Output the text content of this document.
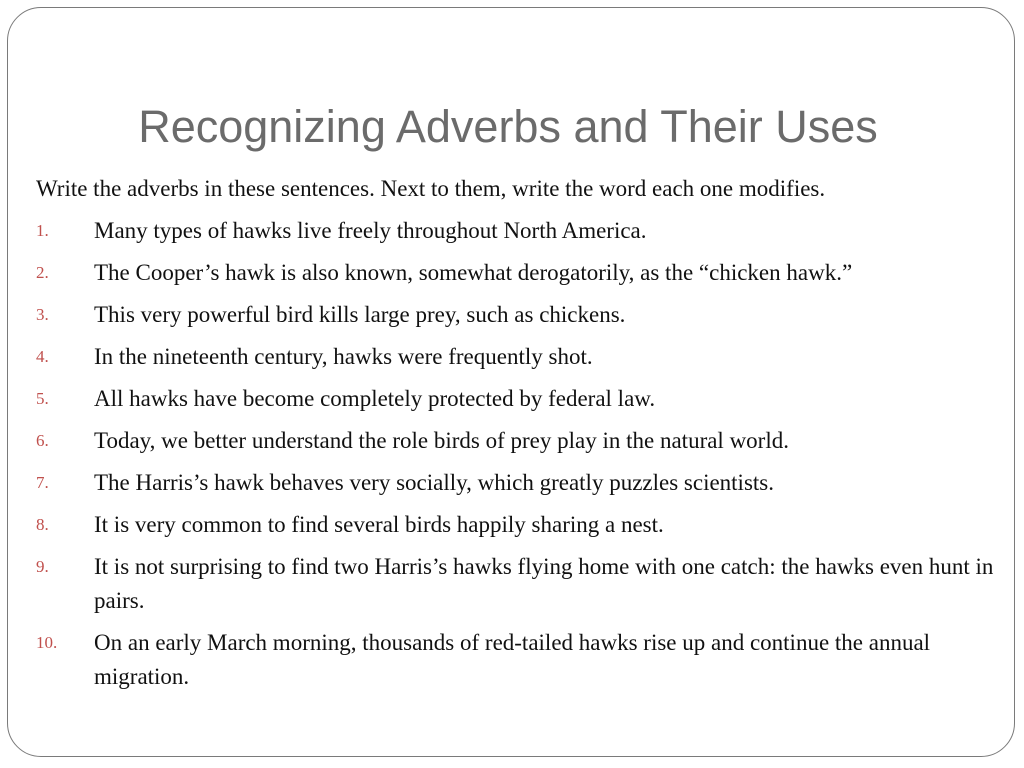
Recognizing Adverbs and Their Uses

Write the adverbs in these sentences. Next to them, write the word each one modifies.

1.	Many types of hawks live freely throughout North America.
2.	The Cooper’s hawk is also known, somewhat derogatorily, as the “chicken hawk.”
3.	This very powerful bird kills large prey, such as chickens.
4.	In the nineteenth century, hawks were frequently shot.
5.	All hawks have become completely protected by federal law.
6.	Today, we better understand the role birds of prey play in the natural world.
7.	The Harris’s hawk behaves very socially, which greatly puzzles scientists.
8.	It is very common to find several birds happily sharing a nest.
9.	It is not surprising to find two Harris’s hawks flying home with one catch: the hawks even hunt in pairs.
10.	On an early March morning, thousands of red-tailed hawks rise up and continue the annual migration.
